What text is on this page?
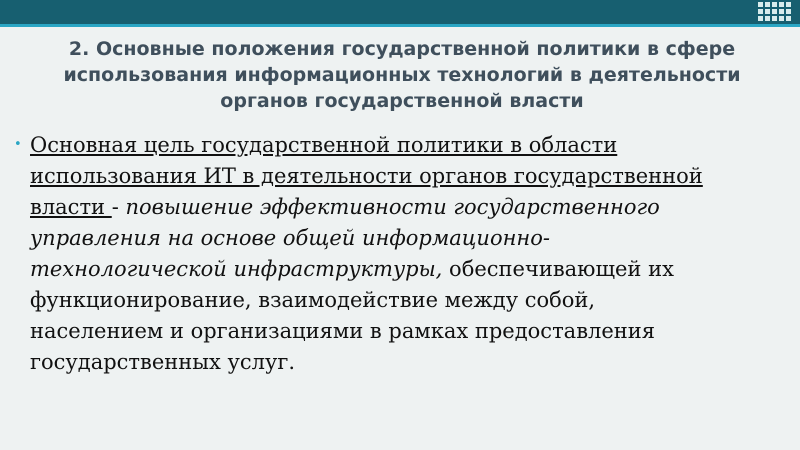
2. Основные положения государственной политики в сфере использования информационных технологий в деятельности органов государственной власти
• Основная цель государственной политики в области использования ИТ в деятельности органов государственной власти - повышение эффективности государственного управления на основе общей информационно-технологической инфраструктуры, обеспечивающей их функционирование, взаимодействие между собой, населением и организациями в рамках предоставления государственных услуг.
